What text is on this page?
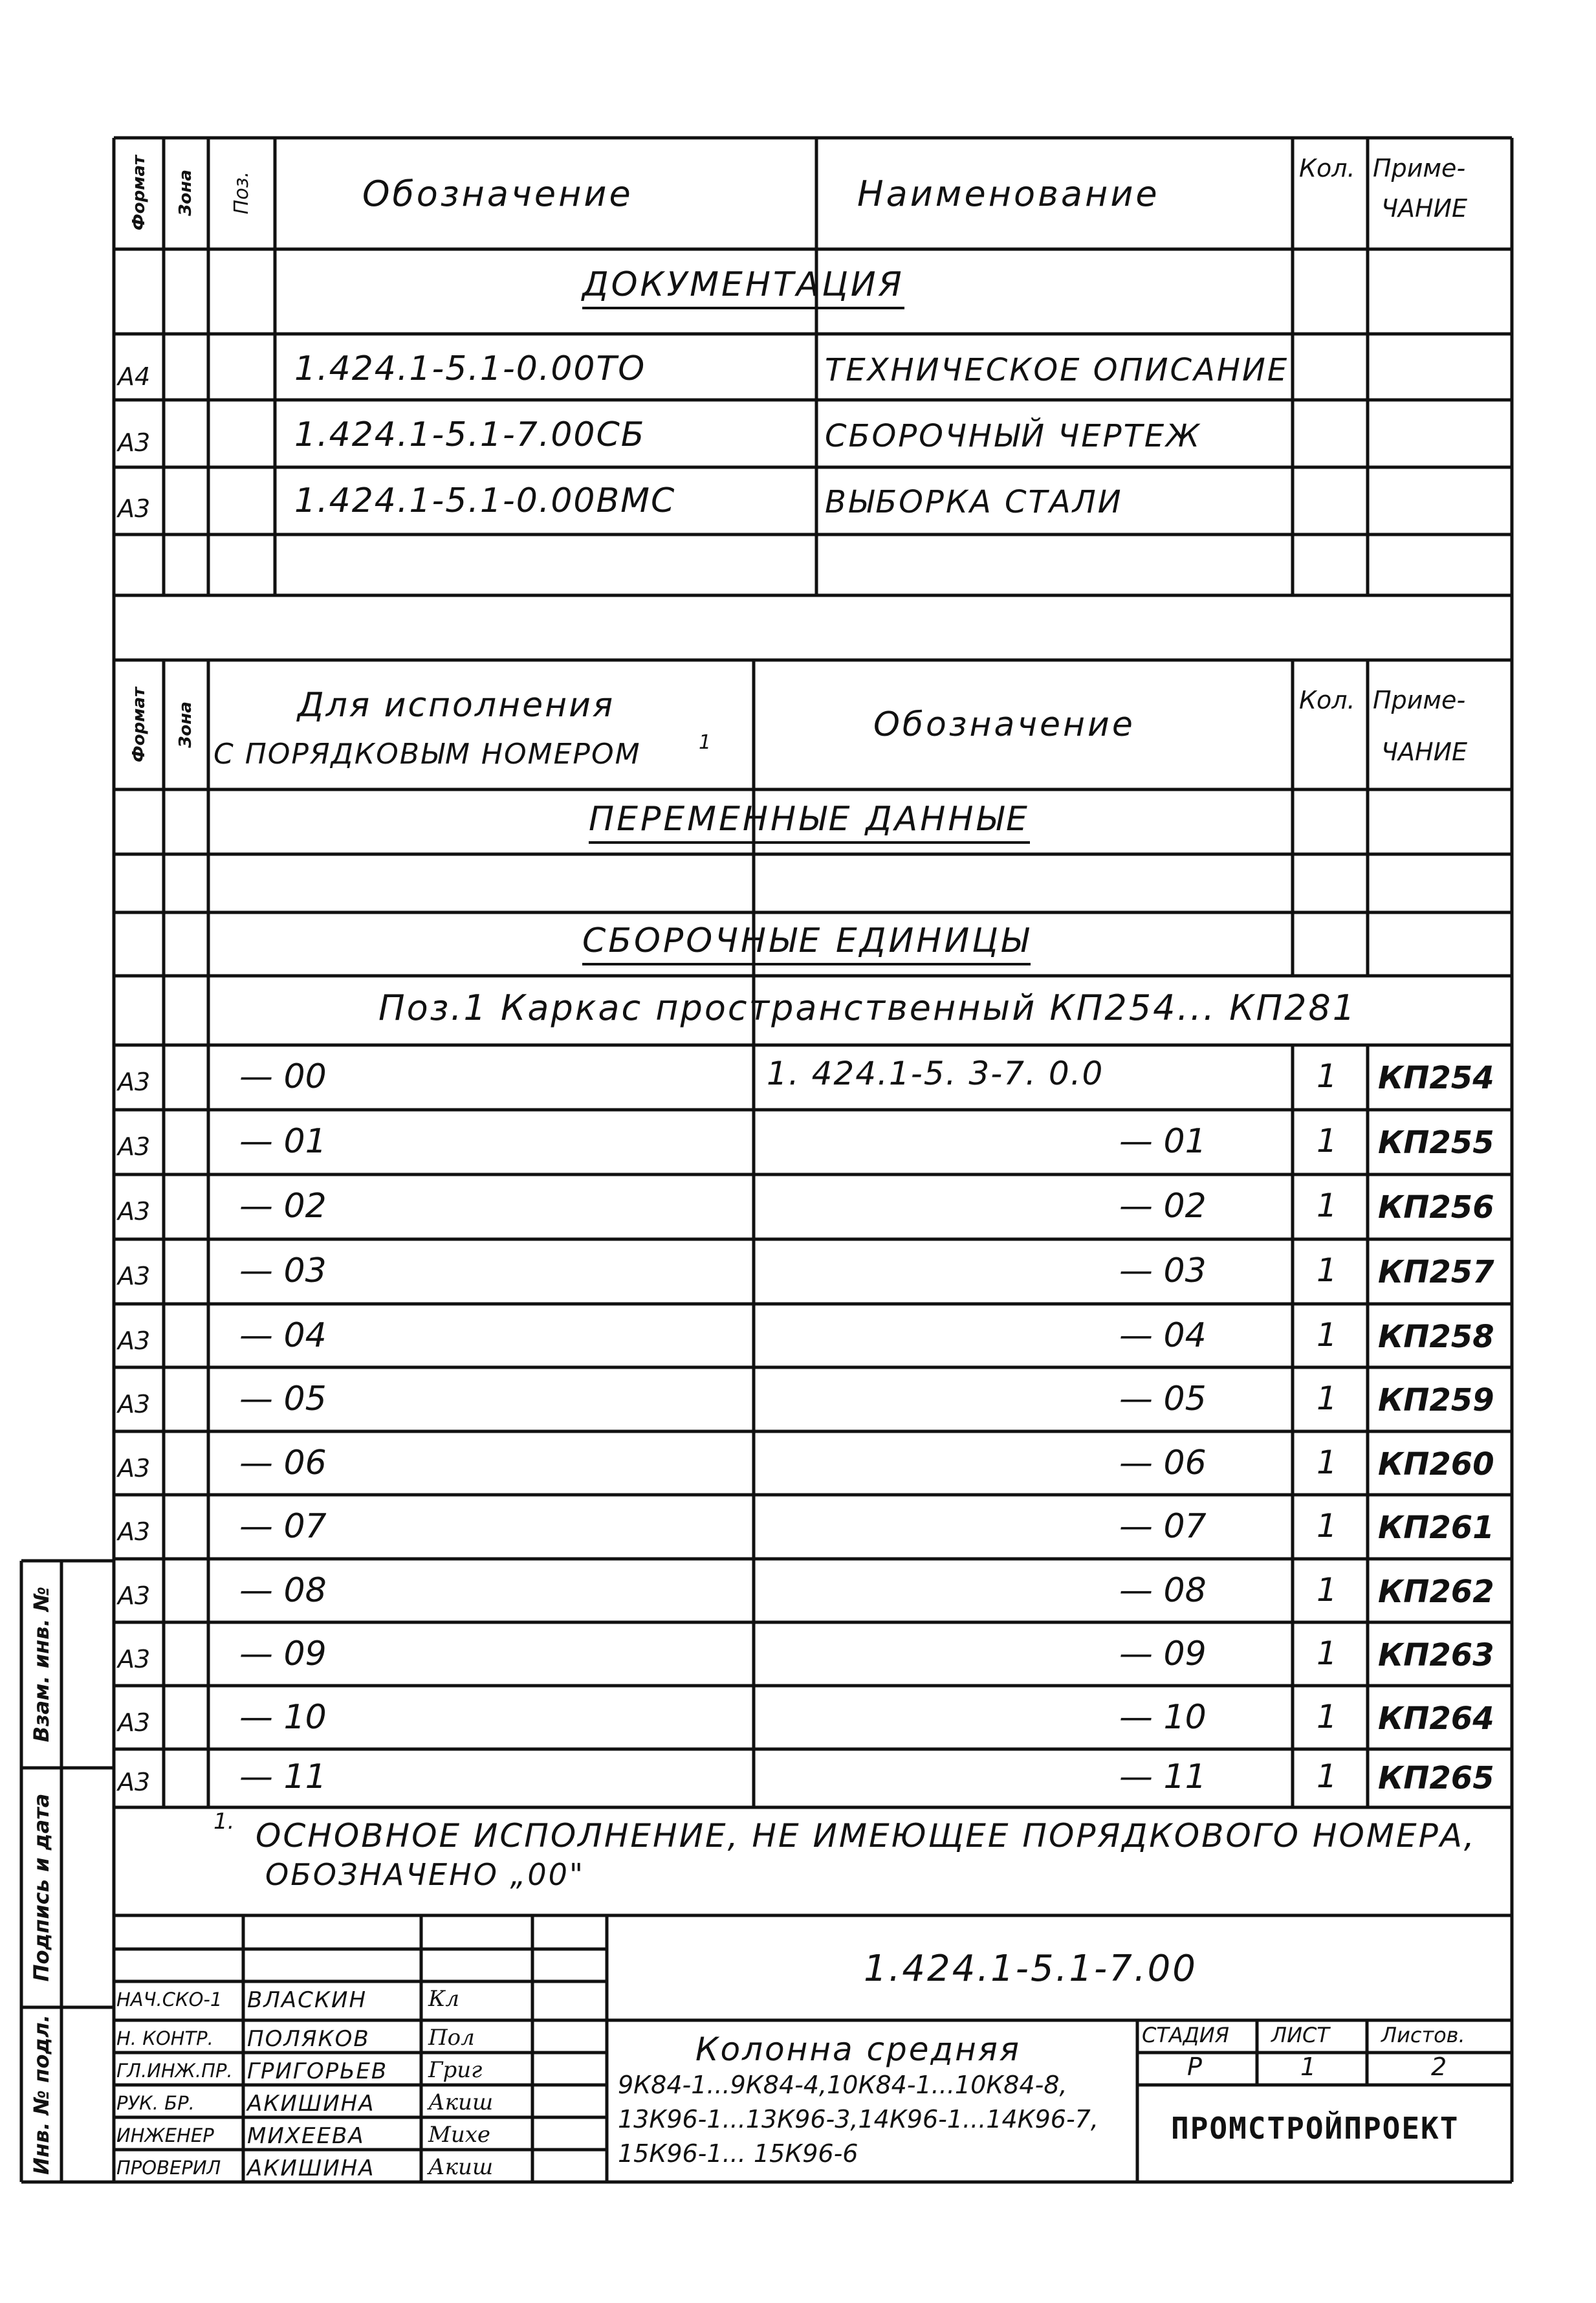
Взам. инв. №
Подпись и дата
Инв. № подл.
Формат Зона Поз.	Обозначение	Наименование
Кол. Приме-
ЧАНИЕ
ДОКУМЕНТАЦИЯ
А4	1.424.1-5.1-0.00ТО	ТЕХНИЧЕСКОЕ ОПИСАНИЕ
А3	1.424.1-5.1-7.00СБ	СБОРОЧНЫЙ ЧЕРТЕЖ
А3	1.424.1-5.1-0.00ВМС	ВЫБОРКА СТАЛИ
Формат Зона	Для исполнения
С ПОРЯДКОВЫМ НОМЕРОМ	1	Обозначение
Кол. Приме-
ЧАНИЕ
ПЕРЕМЕННЫЕ ДАННЫЕ
СБОРОЧНЫЕ ЕДИНИЦЫ
Поз.1 Каркас пространственный КП254... КП281
А3	— 00	1. 424.1-5. 3-7. 0.0	1 КП254
А3	— 01	— 01	1 КП255
А3	— 02	— 02	1 КП256
А3	— 03	— 03	1 КП257
А3	— 04	— 04	1 КП258
А3	— 05	— 05	1 КП259
А3	— 06	— 06	1 КП260
А3	— 07	— 07	1 КП261
А3	— 08	— 08	1 КП262
А3	— 09	— 09	1 КП263
А3	— 10	— 10	1 КП264
А3	— 11	— 11	1 КП265
1. ОСНОВНОЕ ИСПОЛНЕНИЕ, НЕ ИМЕЮЩЕЕ ПОРЯДКОВОГО НОМЕРА,
ОБОЗНАЧЕНО „00"
1.424.1-5.1-7.00
НАЧ.СКО-1 ВЛАСКИН	Кл
Н. КОНТР. ПОЛЯКОВ	Пол
ГЛ.ИНЖ.ПР. ГРИГОРЬЕВ Григ
РУК. БР. АКИШИНА Акиш
ИНЖЕНЕР МИХЕЕВА	Михе
ПРОВЕРИЛ АКИШИНА Акиш
Колонна средняя
9К84-1...9К84-4,10К84-1...10К84-8,
13К96-1...13К96-3,14К96-1...14К96-7,
15К96-1... 15К96-6
СТАДИЯ ЛИСТ	Листов.
Р	1	2
ПРОМСТРОЙПРОЕКТ
